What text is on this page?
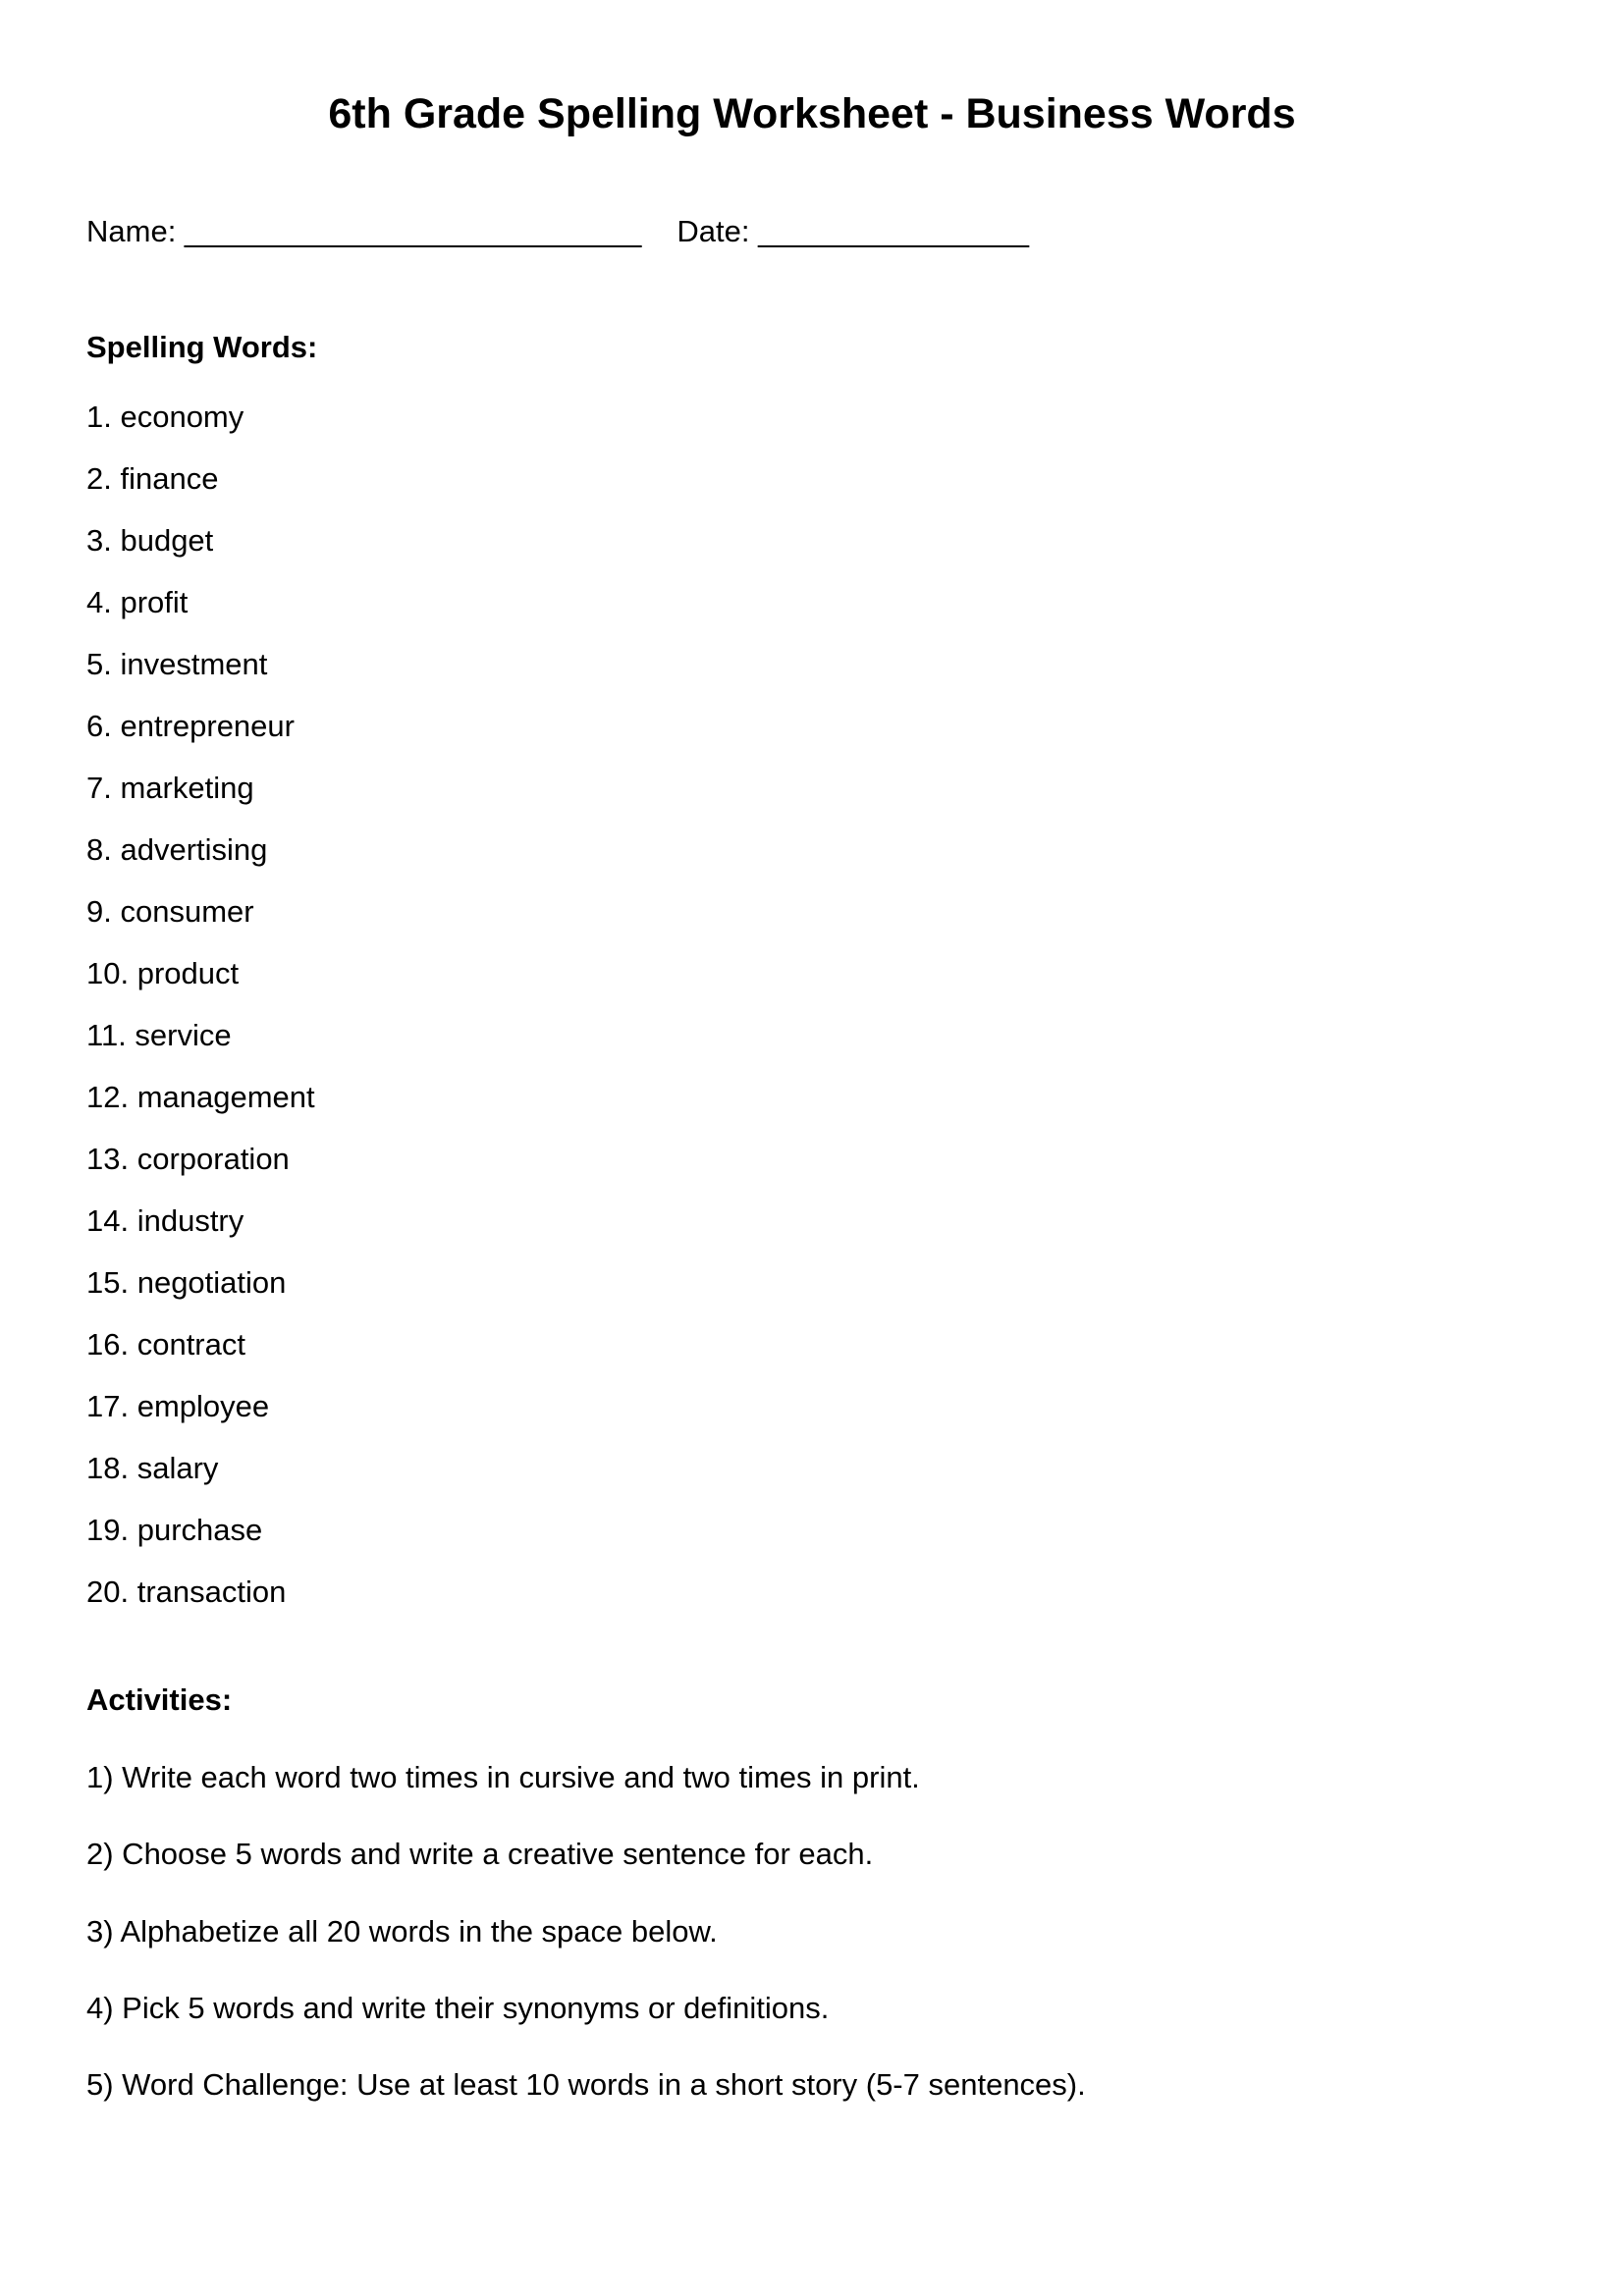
6th Grade Spelling Worksheet - Business Words
Name: ___________________________ Date: ________________
Spelling Words:
1. economy
2. finance
3. budget
4. profit
5. investment
6. entrepreneur
7. marketing
8. advertising
9. consumer
10. product
11. service
12. management
13. corporation
14. industry
15. negotiation
16. contract
17. employee
18. salary
19. purchase
20. transaction
Activities:
1) Write each word two times in cursive and two times in print.
2) Choose 5 words and write a creative sentence for each.
3) Alphabetize all 20 words in the space below.
4) Pick 5 words and write their synonyms or definitions.
5) Word Challenge: Use at least 10 words in a short story (5-7 sentences).
